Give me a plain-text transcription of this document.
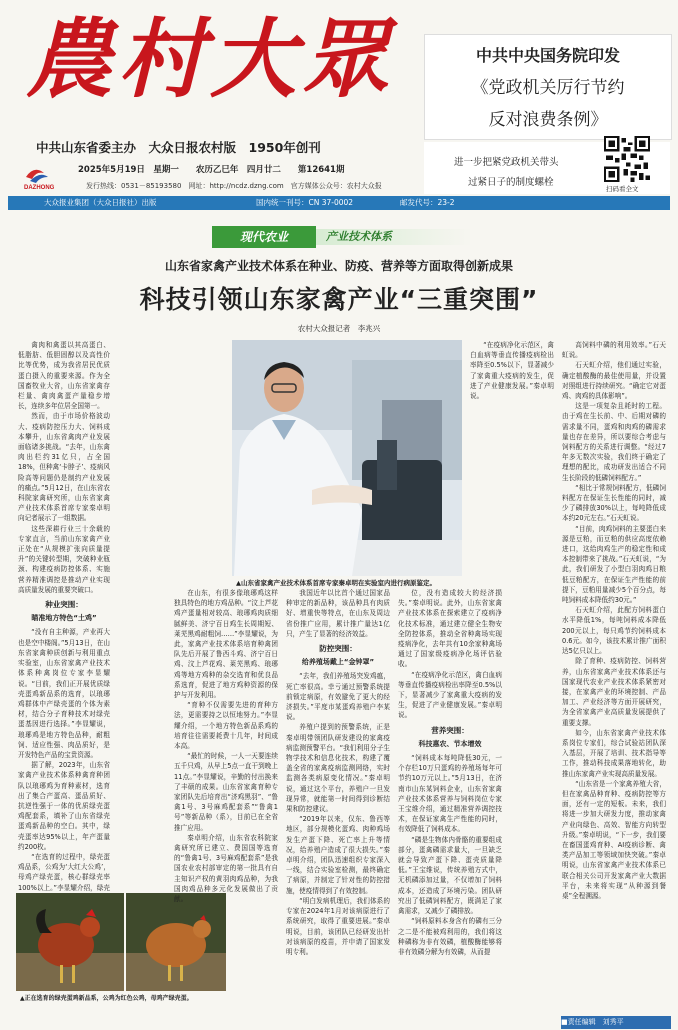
農村大眾
中共山东省委主办　大众日报农村版　1950年创刊
DAZHONG
2025年5月19日　星期一　　农历乙巳年　四月廿二　　第12641期
发行热线：0531－85193580　网址：http://ncdz.dzng.com　官方媒体公众号：农村大众报
大众报业集团（大众日报社）出版	国内统一刊号：CN 37-0002	邮发代号：23-2
中共中央国务院印发
《党政机关厉行节约
反对浪费条例》
进一步把紧党政机关带头
过紧日子的制度螺栓
扫码看全文
现代农业	产业技术体系
山东省家禽产业技术体系在种业、防疫、营养等方面取得创新成果
科技引领山东家禽产业“三重突围”
农村大众报记者　李兆兴
▲山东省家禽产业技术体系首席专家秦卓明在实验室内进行病原鉴定。

禽肉和禽蛋以其高蛋白、低脂肪、低胆固醇以及高性价比等优势，成为我省居民优质蛋白摄入的重要来源。作为全国畜牧业大省，山东省家禽存栏量、禽肉禽蛋产量稳步增长，连续多年位居全国第一。

然而，由于市场价格波动大、疫病防控压力大、饲料成本攀升，山东省禽肉产业发展面临诸多挑战。“去年，山东禽肉出栏约31亿只，占全国18%，但种禽‘卡脖子’、疫病风险高等问题仍是制约产业发展的痛点。”5月12日，在山东省农科院家禽研究所，山东省家禽产业技术体系首席专家秦卓明向记者展示了一组数据。

这些深耕行业三十余载的专家直言，当前山东家禽产业正处在“从规模扩张向质量提升”的关键转型期，突破种业瓶颈、构建疫病防控体系、实施营养精准调控是推动产业实现高质量发展的重要突破口。

种业突围：
瞄准地方特色“土鸡”

“没有自主种源，产业再大也是空中楼阁。”5月13日，在山东省家禽种质创新与利用重点实验室，山东省家禽产业技术体系种禽岗位专家李显耀说。“目前，我们正开展优质绿壳蛋鸡新品系的选育，以琅琊鸡群体中产绿壳蛋的个体为素材，结合分子育种技术对绿壳蛋基因进行选择。”李显耀说，琅琊鸡是地方特色品种，耐粗饲、适应性强、肉品质好，是开发特色产品的宝贵资源。

据了解，2023年，山东省家禽产业技术体系种禽育种团队以琅琊鸡为育种素材，选育出了集合产蛋高、蛋品质好、抗逆性强于一体的优质绿壳蛋鸡配套系，填补了山东省绿壳蛋鸡新品种的空白。其中，绿壳蛋率达95%以上，年产蛋量约200枚。

“在选育的过程中，绿壳蛋鸡品系，公鸡为‘大红大公鸡’，母鸡产绿壳蛋，核心群绿壳率100%以上。”李显耀介绍，绿壳

▲正在选育的绿壳蛋鸡新品系，公鸡为红色公鸡，母鸡产绿壳蛋。

在山东，有很多像琅琊鸡这样独具特色的地方鸡品种。“汶上芦花鸡产蛋量相对较高、琅琊鸡肉质细腻鲜美、济宁百日鸡生长周期短、莱芜黑鸡耐粗饲……”李显耀说，为此，家禽产业技术体系培育种禽团队先后开展了鲁西斗鸡、济宁百日鸡、汶上芦花鸡、莱芜黑鸡、琅琊鸡等地方鸡种的杂交选育和优良品系选育，促进了地方鸡种资源的保护与开发利用。

“育种不仅需要先进的育种方法，更需要持之以恒地努力。”李显耀介绍，一个地方特色新品系鸡的培育往往需要耗费十几年，时间成本高。

“最忙的时候，一人一天要连续五千只鸡，从早上5点一直干到晚上11点。”李显耀说，辛勤的付出换来了丰硕的成果。山东省家禽育种专家团队先后培育出“济鸡黑羽”、“鲁禽1号、3号麻鸡配套系”“鲁禽1号”等新品种（系），目前已在全省推广应用。

秦卓明介绍，山东省农科院家禽研究所已建立、费国国等选育的“鲁禽1号、3号麻鸡配套系”是我国农业农村部审定的第一批具有自主知识产权的黄羽肉鸡品种，为我国肉鸡品种多元化发展做出了贡献。

我国近年以比首个通过国家品种审定的新品种，该品种具有肉质好、增重快等特点，在山东及周边省份推广应用，累计推广量达1亿只，产生了显著的经济效益。

防控突围：
给养殖场戴上“金钟罩”

“去年，我们养殖场突发鸡瘟，死亡率很高。幸亏通过预警系统提前锁定病原，有效避免了更大的经济损失。”平度市某蛋鸡养殖户李某说。

养殖户提到的预警系统，正是秦卓明带领团队研发建设的家禽疫病监测预警平台。“我们利用分子生物学技术和信息化技术，构建了覆盖全省的家禽疫病监测网络，实时监测各类病原变化情况。”秦卓明说，通过这个平台，养殖户一旦发现异常，就能第一时间得到诊断结果和防控建议。

“2019年以来，仅东、鲁西等地区，部分规模化蛋鸡、肉种鸡场发生产蛋下降、死亡率上升等情况，给养殖户造成了很大损失。”秦卓明介绍，团队迅速组织专家深入一线，结合实验室检测，最终确定了病原，并制定了针对性的防控措施，使疫情得到了有效控制。

“明白发病机理后，我们体系的专家在2024年1月对该病原进行了系统研究，取得了重要进展。”秦卓明说，目前，该团队已经研发出针对该病原的疫苗，并申请了国家发明专利。

位，没有造成较大的经济损失。”秦卓明说。此外，山东省家禽产业技术体系在探索建立了疫病净化技术标准，通过建立健全生物安全防控体系，推动全省种禽场实现疫病净化，去年共有10余家种禽场通过了国家级疫病净化场评估验收。

“在疫病净化示范区，禽白血病等垂直传播疫病检出率降至0.5%以下，显著减少了家禽重大疫病的发生，促进了产业健康发展。”秦卓明说。

营养突围：
科技惠农、节本增效

“饲料成本每吨降低30元，一个存栏10万只蛋鸡的养殖场每年可节约10万元以上。”5月13日，在济南市山东某饲料企业，山东省家禽产业技术体系营养与饲料岗位专家王宝维介绍，通过精准营养调控技术，在保证家禽生产性能的同时，有效降低了饲料成本。

“磷是生物体内骨骼的重要组成部分，蛋禽磷需求量大，一旦缺乏就会导致产蛋下降、蛋壳质量降低。”王宝维说，传统养殖方式中，无机磷添加过量，不仅增加了饲料成本，还造成了环境污染。团队研究出了低磷饲料配方，既满足了家禽需求，又减少了磷排放。

“饲料原料本身含有的磷有三分之二是不能被鸡利用的，我们将这种磷称为非有效磷，植酸酶能够将非有效磷分解为有效磷，从而提

高饲料中磷的利用效率。”石天虹说。

石天虹介绍，他们通过实验，确定植酸酶的最佳使用量，并设置对照组进行持续研究。“确定它对蛋鸡、肉鸡的具体影响”。

这是一项复杂且耗时的工程。由于鸡在生长前、中、后期对磷的需求量不同，蛋鸡和肉鸡的磷需求量也存在差异，所以要综合考虑与饲料配方的关系进行调整。“经过7年多无数次实验，我们终于确定了理想的配比，成功研发出适合不同生长阶段的低磷饲料配方。”

“相比于常规饲料配方，低磷饲料配方在保证生长性能的同时，减少了磷排放30%以上，每吨降低成本约20元左右。”石天虹说。

“目前，肉鸡饲料的主要蛋白来源是豆粕，而豆粕的供应高度依赖进口，这给肉鸡生产的稳定性和成本控制带来了挑战。”石天虹说，“为此，我们研发了小型白羽肉鸡日粮低豆粕配方，在保证生产性能的前提下，豆粕用量减少5个百分点，每吨饲料成本降低约30元。”

石天虹介绍，此配方饲料蛋白水平降低1%，每吨饲料成本降低200元以上，每只鸡节约饲料成本0.6元。如今，该技术累计推广面积达5亿只以上。

除了育种、疫病防控、饲料营养，山东省家禽产业技术体系还与国家现代农业产业技术体系紧密对接，在家禽产业的环境控制、产品加工、产业经济等方面开展研究，为全省家禽产业高质量发展提供了重要支撑。

如今，山东省家禽产业技术体系岗位专家们，综合试验站团队深入基层，开展了培训、技术指导等工作，推动科技成果落地转化，助推山东家禽产业实现高质量发展。

“山东省是一个家禽养殖大省，但在家禽品种育种、疫病防控等方面，还有一定的短板。未来，我们将进一步加大研发力度，推动家禽产业向绿色、高效、智能方向转型升级。”秦卓明说，“下一步，我们要在畜国蛋鸡育种、AI疫病诊断、禽类产品加工等领域加快突破。”秦卓明说，山东省家禽产业技术体系已联合相关公司开发家禽产业大数据平台，未来将实现“从种源到餐桌”全程溯源。

“在疫病净化示范区，禽白血病等垂直传播疫病检出率降至0.5%以下，显著减少了家禽重大疫病的发生，促进了产业健康发展。”秦卓明说。

■责任编辑　刘秀平
